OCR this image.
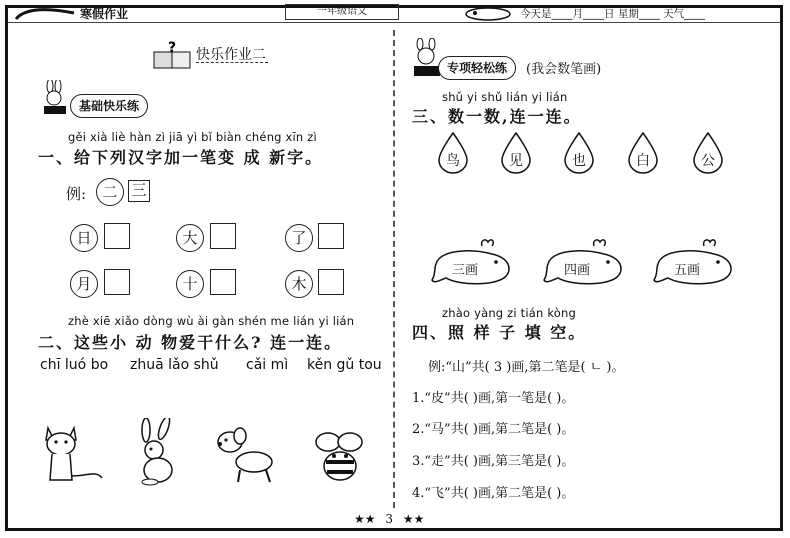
寒假作业	一年级语文	今天是____月____日 星期____ 天气____
? 快乐作业二
基础快乐练
gěi xià liè hàn zì jiā yì bǐ biàn chéng xīn zì
一、给下列汉字加一笔变 成 新字。
例:	二 三
日	大	了
月	十	木
zhè xiē xiǎo dòng wù ài gàn shén me lián yi lián
二、这些小 动 物爱干什么? 连一连。
chī luó bo zhuā lǎo shǔ cǎi mì kěn gǔ tou
专项轻松练	(我会数笔画)
shǔ yi shǔ lián yi lián
三、数一数,连一连。
鸟	见	也	白	公
三画	四画	五画
zhào yàng zi tián kòng
四、照 样 子 填 空。
例:“山”共( 3 )画,第二笔是( ㄴ )。
1.“皮”共( )画,第一笔是( )。
2.“马”共( )画,第二笔是( )。
3.“走”共( )画,第三笔是( )。
4.“飞”共( )画,第二笔是( )。
★★ 3 ★★
